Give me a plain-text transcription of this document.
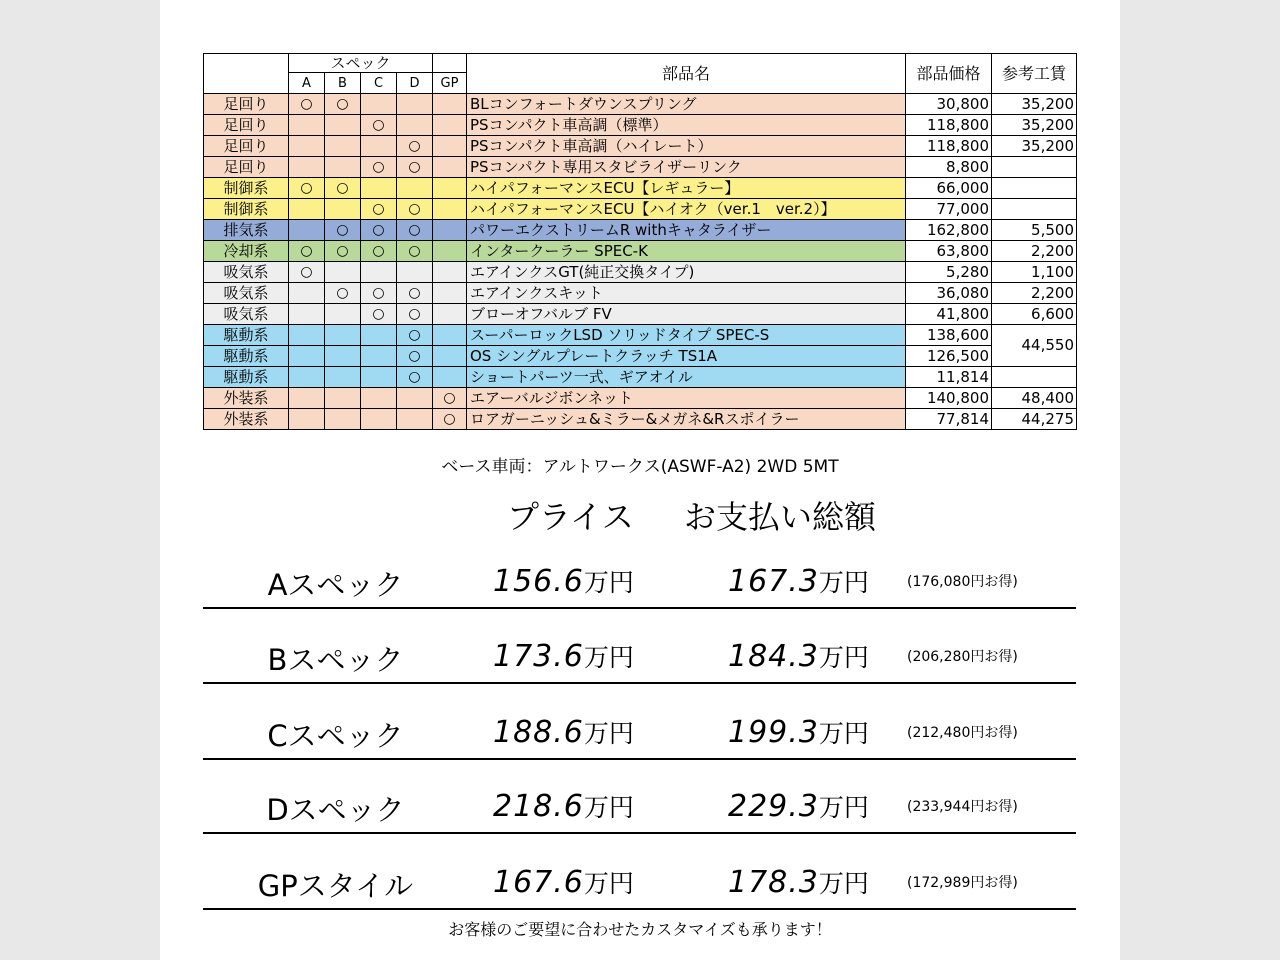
	スペック					部品名	部品価格	参考工賃
	A	B	C	D	GP			
足回り	○	○				BLコンフォートダウンスプリング	30,800	35,200
足回り			○			PSコンパクト車高調（標準）	118,800	35,200
足回り				○		PSコンパクト車高調（ハイレート）	118,800	35,200
足回り			○	○		PSコンパクト専用スタビライザーリンク	8,800	
制御系	○	○				ハイパフォーマンスECU【レギュラー】	66,000	
制御系			○	○		ハイパフォーマンスECU【ハイオク（ver.1　ver.2）】	77,000	
排気系		○	○	○		パワーエクストリームR withキャタライザー	162,800	5,500
冷却系	○	○	○	○		インタークーラー SPEC-K	63,800	2,200
吸気系	○					エアインクスGT(純正交換タイプ)	5,280	1,100
吸気系		○	○	○		エアインクスキット	36,080	2,200
吸気系			○	○		ブローオフバルブ FV	41,800	6,600
駆動系				○		スーパーロックLSD ソリッドタイプ SPEC-S	138,600	44,550
駆動系				○		OS シングルプレートクラッチ TS1A	126,500	
駆動系				○		ショートパーツ一式、ギアオイル	11,814	
外装系					○	エアーバルジボンネット	140,800	48,400
外装系					○	ロアガーニッシュ&ミラー&メガネ&Rスポイラー	77,814	44,275
ベース車両：アルトワークス(ASWF-A2) 2WD 5MT
プライス お支払い総額
Aスペック	156.6万円	167.3万円	(176,080円お得)
Bスペック	173.6万円	184.3万円	(206,280円お得)
Cスペック	188.6万円	199.3万円	(212,480円お得)
Dスペック	218.6万円	229.3万円	(233,944円お得)
GPスタイル	167.6万円	178.3万円	(172,989円お得)
お客様のご要望に合わせたカスタマイズも承ります！
